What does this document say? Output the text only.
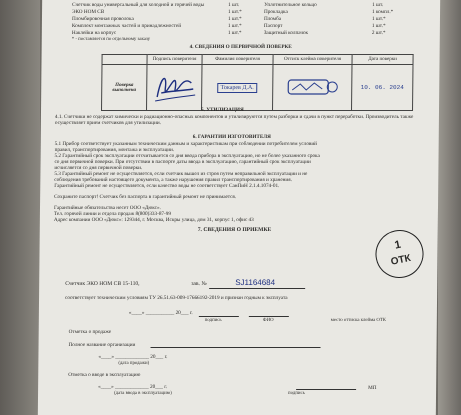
Счетчик воды универсальный для холодной и горячей воды	1 шт.	Уплотнительное кольцо	1 шт.
ЭКО НОМ СВ	1 шт.*	Прокладка	1 компл.*
Пломбировочная проволока	1 шт.*	Пломба	1 шт.*
Комплект монтажных частей и принадлежностей	1 шт.*	Паспорт	1 шт.*
Наклейки на корпус	1 шт.*	Защитный колпачок	2 шт.*
* - поставляется по отдельному заказу
4. СВЕДЕНИЯ О ПЕРВИЧНОЙ ПОВЕРКЕ
	Подпись поверителя	Фамилия поверителя	Оттиск клейма поверителя	Дата поверки
Поверка выполнена		Токарев Д.А.		10. 06. 2024
5. УТИЛИЗАЦИЯ
4.1. Счетчики не содержат химически и радиационно-опасных компонентов и утилизируются путем разборки и сдачи в пункт переработки. Производитель также осуществляет прием счетчиков для утилизации.
6. ГАРАНТИИ ИЗГОТОВИТЕЛЯ
5.1 Прибор соответствует указанным техническим данным и характеристикам при соблюдении потребителем условий
правил, транспортирования, монтажа и эксплуатации.
5.2 Гарантийный срок эксплуатации отсчитывается со дня ввода прибора в эксплуатацию, но не более указанного срока
со дня первичной поверки. При отсутствии в паспорте даты ввода в эксплуатацию, гарантийный срок эксплуатации
исчисляется со дня первичной поверки.
5.3 Гарантийный ремонт не осуществляется, если счетчик вышел из строя путем неправильной эксплуатации и не
соблюдения требований настоящего документа, а также нарушения правил транспортирования и хранения.
Гарантийный ремонт не осуществляется, если качество воды не соответствует СанПиН 2.1.4.1074-01.
Сохраните паспорт! Счетчик без паспорта в гарантийный ремонт не принимается.
Гарантийные обязательства несет ООО «Дюкс».
Тел. горячей линии и отдела продаж 8(800)333-87-99
Адрес компании ООО «Дюкс»: 129344, г. Москва, Искры улица, дом 31, корпус 1, офис 43
7. СВЕДЕНИЯ О ПРИЕМКЕ
1
ОТК
Счетчик ЭКО НОМ СВ 15-110,	зав. №	SJ1164684
соответствует техническим условиям ТУ 26.51.63-009-17666192-2019 и признан годным к эксплуата
«____» ___________ 20___ г.
подпись	ФИО	место оттиска клейма ОТК
Отметка о продаже
Полное название организации
«____» _____________ 20___ г.
(дата продажи)
Отметка о вводе в эксплуатацию
«____» _____________ 20___ г.	МП
(дата ввода в эксплуатацию)	подпись
